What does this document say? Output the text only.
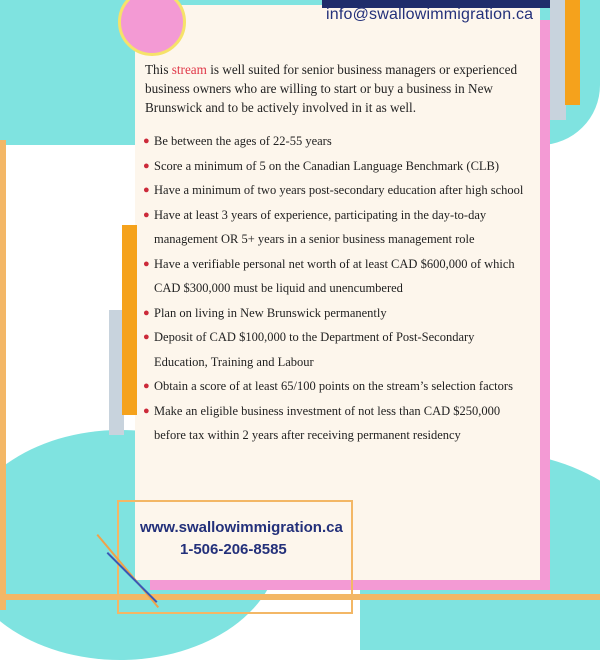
info@swallowimmigration.ca

This stream is well suited for senior business managers or experienced business owners who are willing to start or buy a business in New Brunswick and to be actively involved in it as well.

● Be between the ages of 22-55 years
● Score a minimum of 5 on the Canadian Language Benchmark (CLB)
● Have a minimum of two years post-secondary education after high school
● Have at least 3 years of experience, participating in the day-to-day management OR 5+ years in a senior business management role
● Have a verifiable personal net worth of at least CAD $600,000 of which CAD $300,000 must be liquid and unencumbered
● Plan on living in New Brunswick permanently
● Deposit of CAD $100,000 to the Department of Post-Secondary Education, Training and Labour
● Obtain a score of at least 65/100 points on the stream’s selection factors
● Make an eligible business investment of not less than CAD $250,000 before tax within 2 years after receiving permanent residency
www.swallowimmigration.ca
1-506-206-8585
